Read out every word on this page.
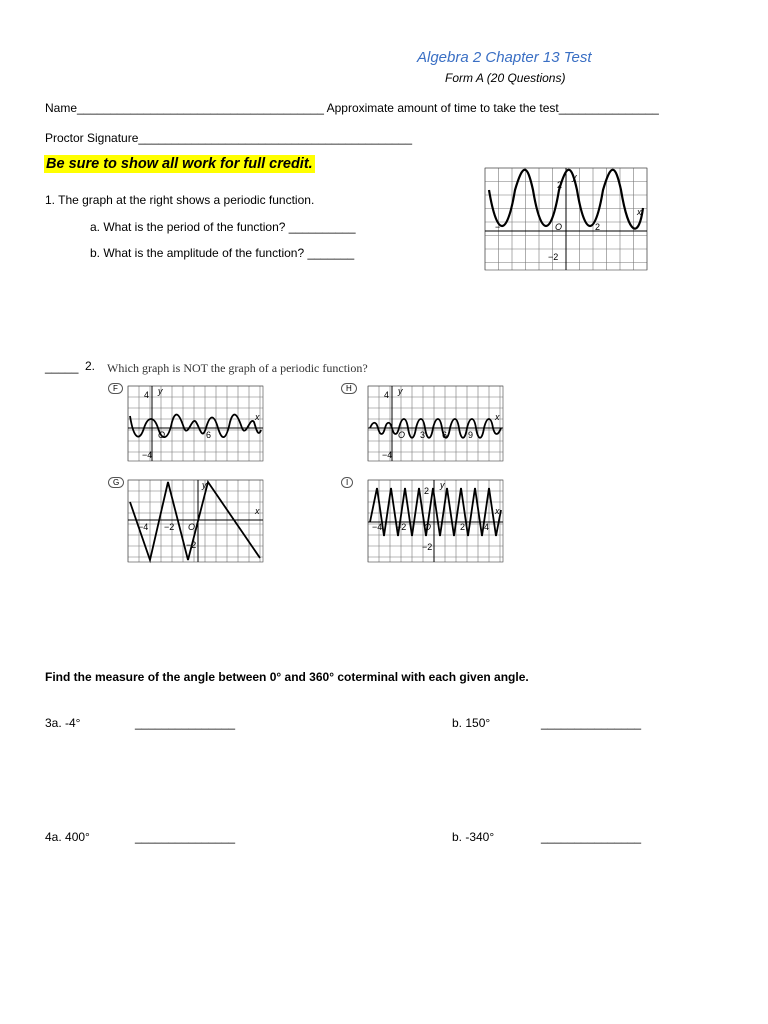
Algebra 2 Chapter 13 Test
Form A (20 Questions)
Name_____________________________________ Approximate amount of time to take the test_______________
Proctor Signature_________________________________________
Be sure to show all work for full credit.
1. The graph at the right shows a periodic function.
a. What is the period of the function? __________
b. What is the amplitude of the function? _______
y
x
2
−2
O	2
−
_____ 2. Which graph is NOT the graph of a periodic function?
F	y
x
4
−4
O	6
H	y
x
4
−4
O 3 6 9
G	y
x
−4 −2 O
−2
I	y
x
2
−2
−4 −2 O	2 4
Find the measure of the angle between 0° and 360° coterminal with each given angle.
3a. -4°	_______________	b. 150°	_______________
4a. 400°	_______________	b. -340°	_______________
